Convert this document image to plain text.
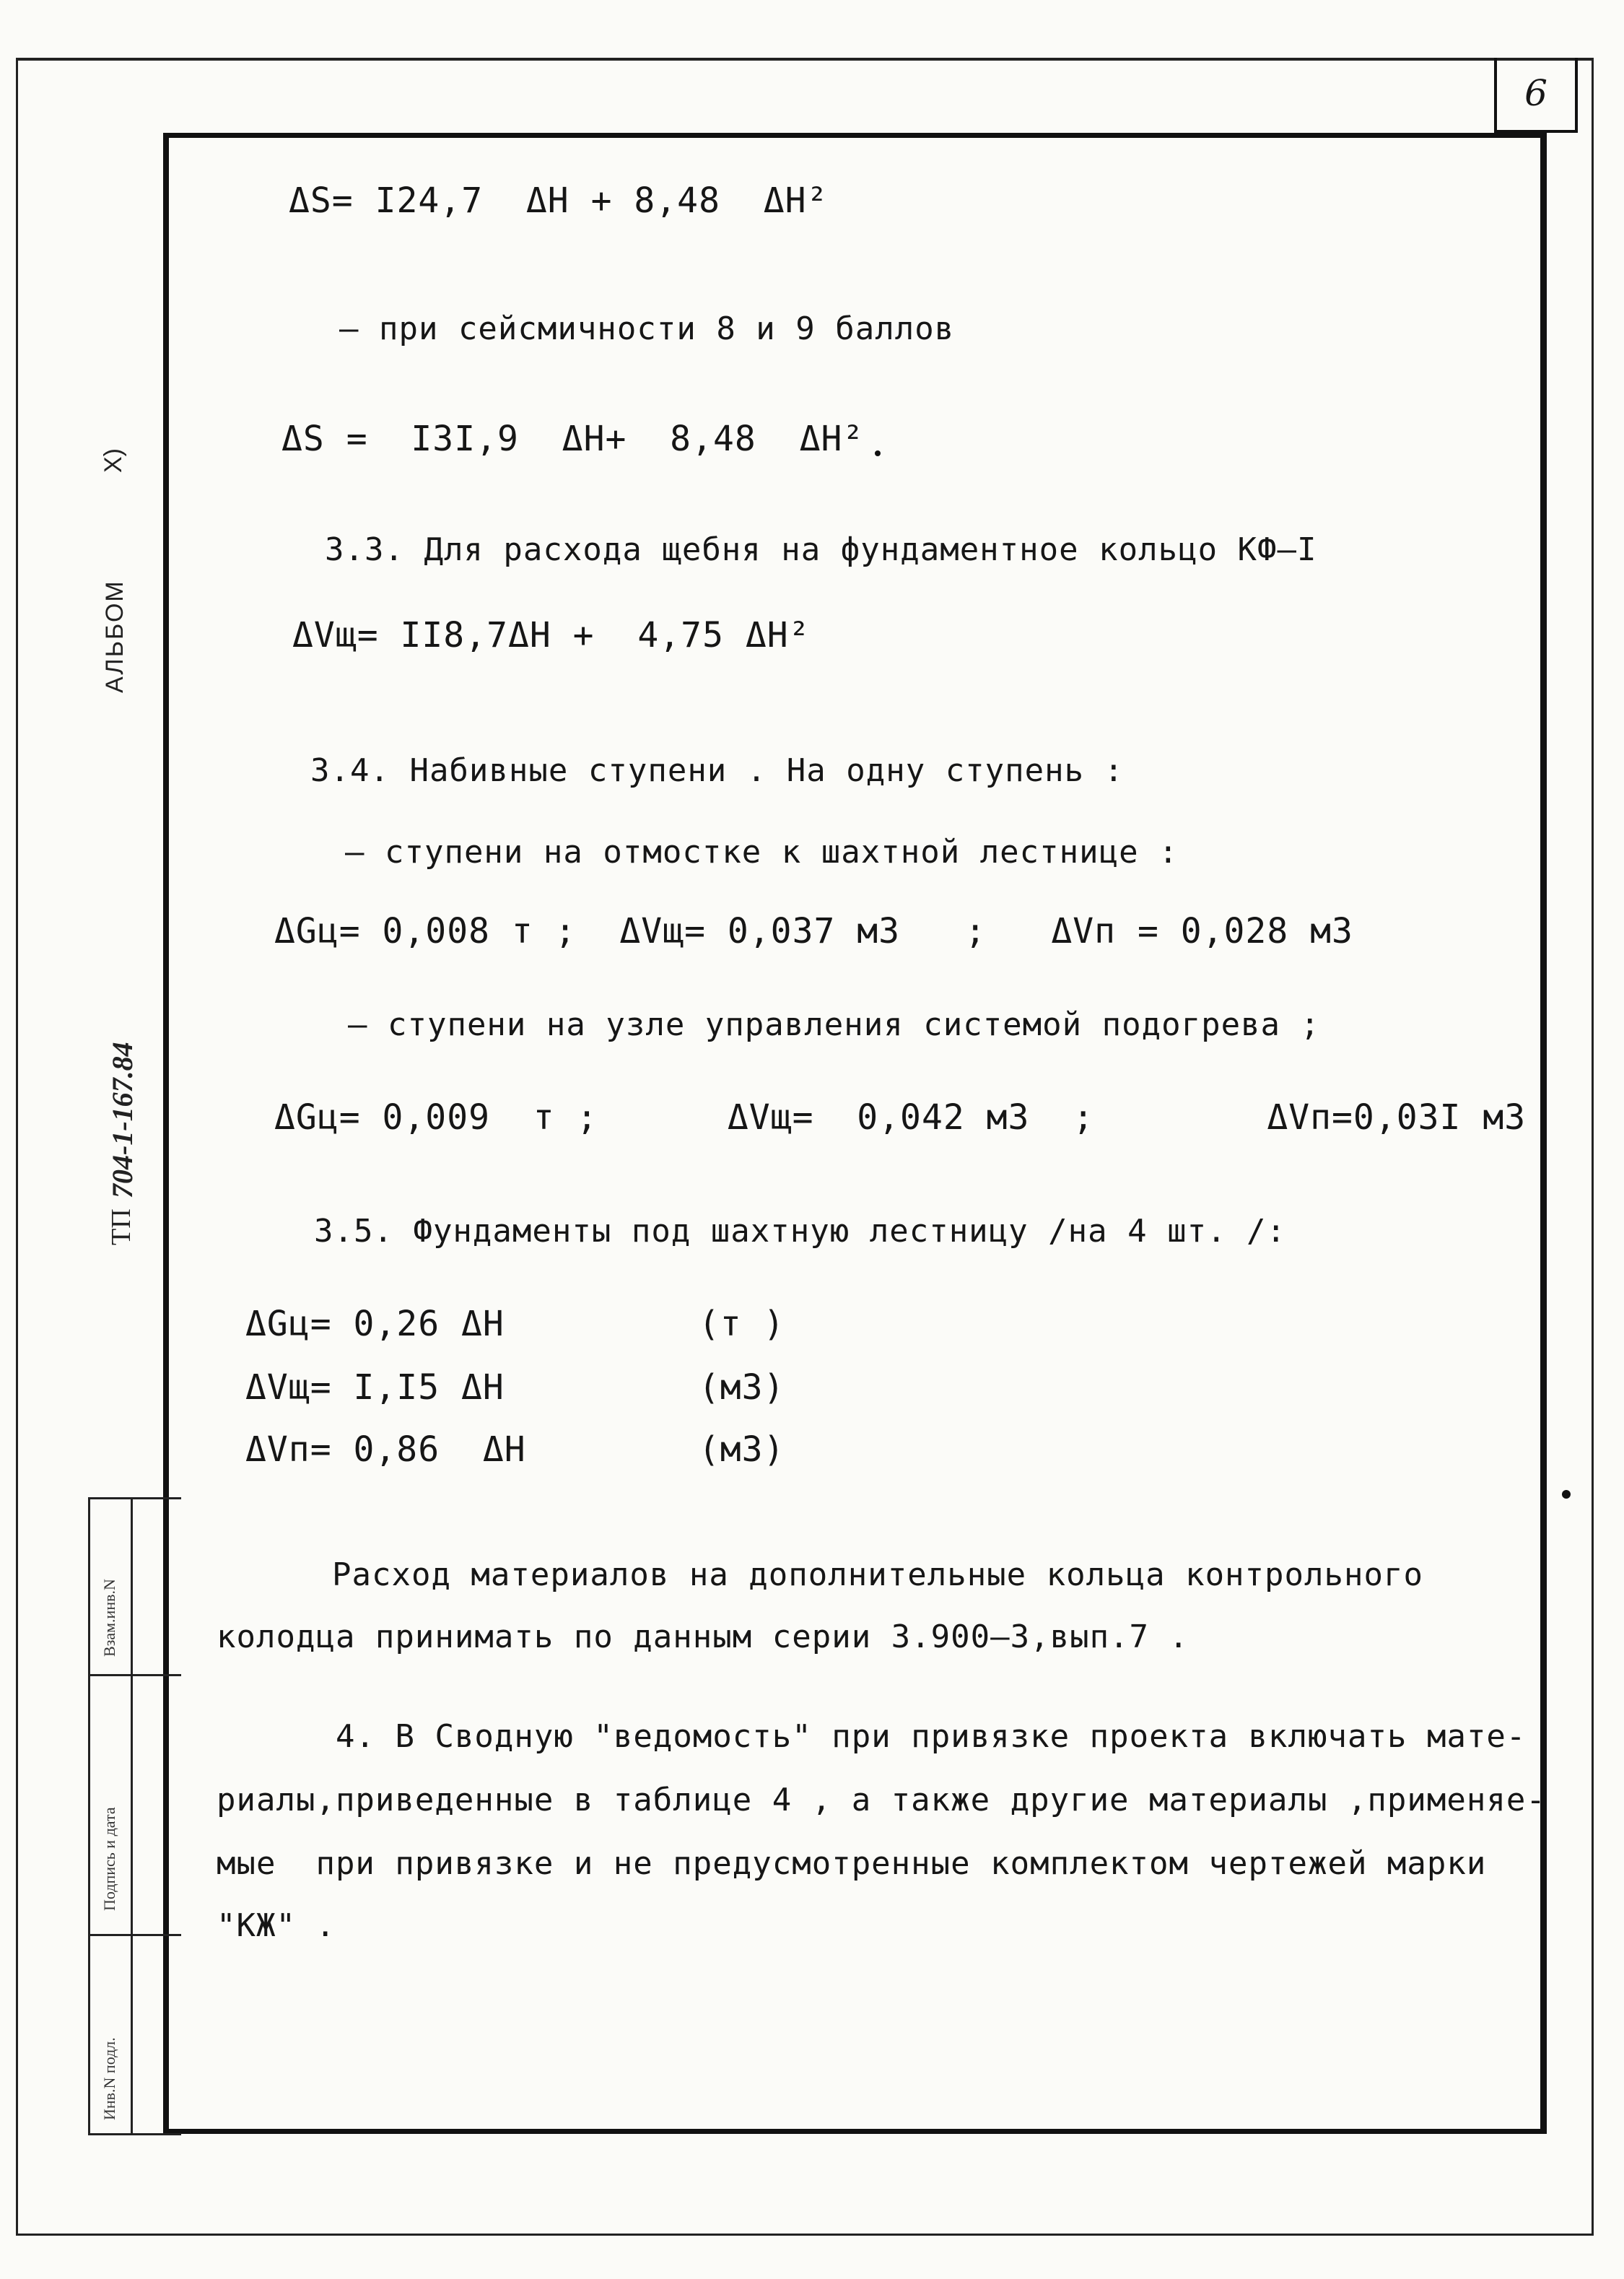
6
АЛЬБОМ
X)
ТП
704-1-167.84
Взам.инв.N
Подпись и дата
Инв.N подл.
ΔS= I24,7  ΔH + 8,48  ΔH²
– при сейсмичности 8 и 9 баллов
ΔS =  I3I,9  ΔH+  8,48  ΔH²
3.3. Для расхода щебня на фундаментное кольцо КФ–I
ΔVщ= II8,7ΔH +  4,75 ΔH²
3.4. Набивные ступени . На одну ступень :
– ступени на отмостке к шахтной лестнице :
ΔGц= 0,008 т ;  ΔVщ= 0,037 м3   ;   ΔVп = 0,028 м3
– ступени на узле управления системой подогрева ;
ΔGц= 0,009  т ;      ΔVщ=  0,042 м3  ;        ΔVп=0,03I м3
3.5. Фундаменты под шахтную лестницу /на 4 шт. /:
ΔGц= 0,26 ΔH         (т )
ΔVщ= I,I5 ΔH         (м3)
ΔVп= 0,86  ΔH        (м3)
Расход материалов на дополнительные кольца контрольного
колодца принимать по данным серии 3.900–3,вып.7 .
4. В Сводную "ведомость" при привязке проекта включать мате-
риалы,приведенные в таблице 4 , а также другие материалы ,применяе-
мые  при привязке и не предусмотренные комплектом чертежей марки
"КЖ" .
